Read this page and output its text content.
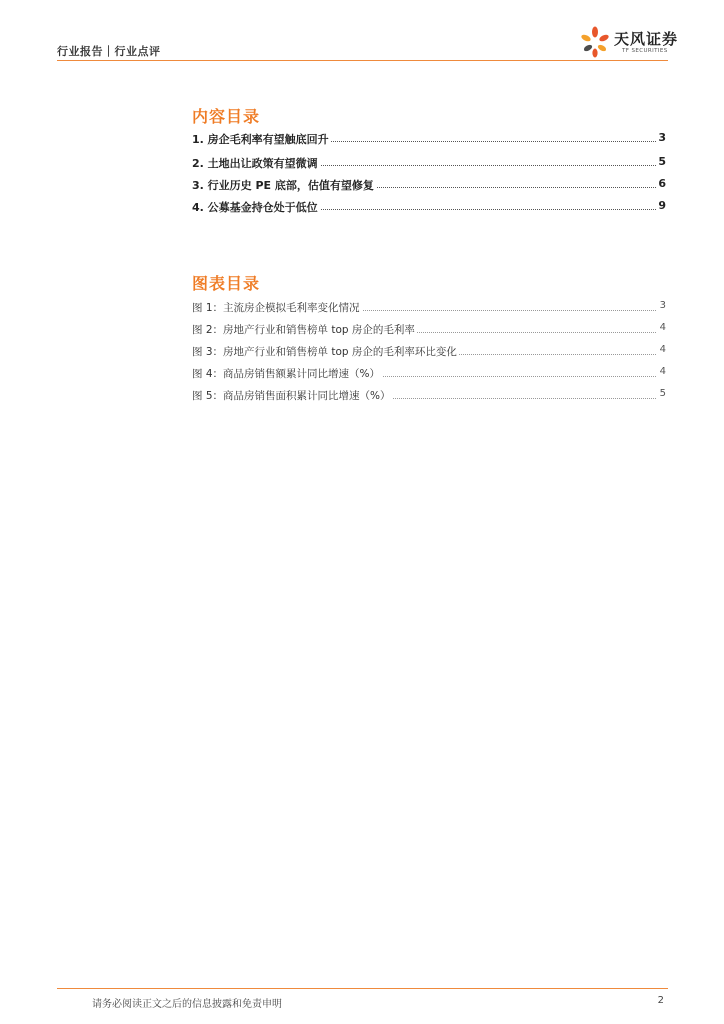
行业报告｜行业点评
天风证券
TF SECURITIES
内容目录
1. 房企毛利率有望触底回升	3
2. 土地出让政策有望微调	5
3. 行业历史 PE 底部，估值有望修复	6
4. 公募基金持仓处于低位	9
图表目录
图 1：主流房企模拟毛利率变化情况	3
图 2：房地产行业和销售榜单 top 房企的毛利率	4
图 3：房地产行业和销售榜单 top 房企的毛利率环比变化	4
图 4：商品房销售额累计同比增速（%）	4
图 5：商品房销售面积累计同比增速（%）	5
请务必阅读正文之后的信息披露和免责申明	2
